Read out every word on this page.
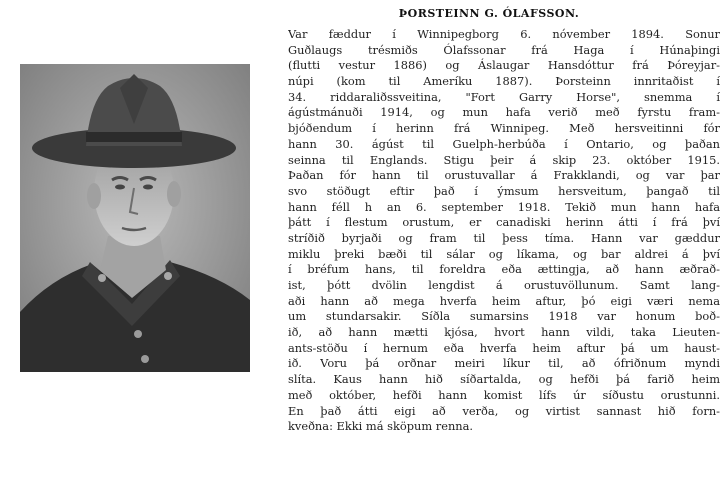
ÞORSTEINN G. ÓLAFSSON.
Var fæddur í Winnipegborg 6. nóvember 1894. Sonur
Guðlaugs trésmiðs Ólafssonar frá Haga í Húnaþingi
(flutti vestur 1886) og Áslaugar Hansdóttur frá Þóreyjar-
núpi (kom til Ameríku 1887). Þorsteinn innritaðist í
34. riddaraliðssveitina, "Fort Garry Horse", snemma í
ágústmánuði 1914, og mun hafa verið með fyrstu fram-
bjóðendum í herinn frá Winnipeg. Með hersveitinni fór
hann 30. ágúst til Guelph-herbúða í Ontario, og þaðan
seinna til Englands. Stigu þeir á skip 23. október 1915.
Þaðan fór hann til orustuvallar á Frakklandi, og var þar
svo stöðugt eftir það í ýmsum hersveitum, þangað til
hann féll h an 6. september 1918. Tekið mun hann hafa
þátt í flestum orustum, er canadiski herinn átti í frá því
stríðið byrjaði og fram til þess tíma. Hann var gæddur
miklu þreki bæði til sálar og líkama, og bar aldrei á því
í bréfum hans, til foreldra eða ættingja, að hann æðrað-
ist, þótt dvölin lengdist á orustuvöllunum. Samt lang-
aði hann að mega hverfa heim aftur, þó eigi væri nema
um stundarsakir. Síðla sumarsins 1918 var honum boð-
ið, að hann mætti kjósa, hvort hann vildi, taka Lieuten-
ants-stöðu í hernum eða hverfa heim aftur þá um haust-
ið. Voru þá orðnar meiri líkur til, að ófriðnum myndi
slíta. Kaus hann hið síðartalda, og hefði þá farið heim
með október, hefði hann komist lífs úr síðustu orustunni.
En það átti eigi að verða, og virtist sannast hið forn-
kveðna: Ekki má sköpum renna.
